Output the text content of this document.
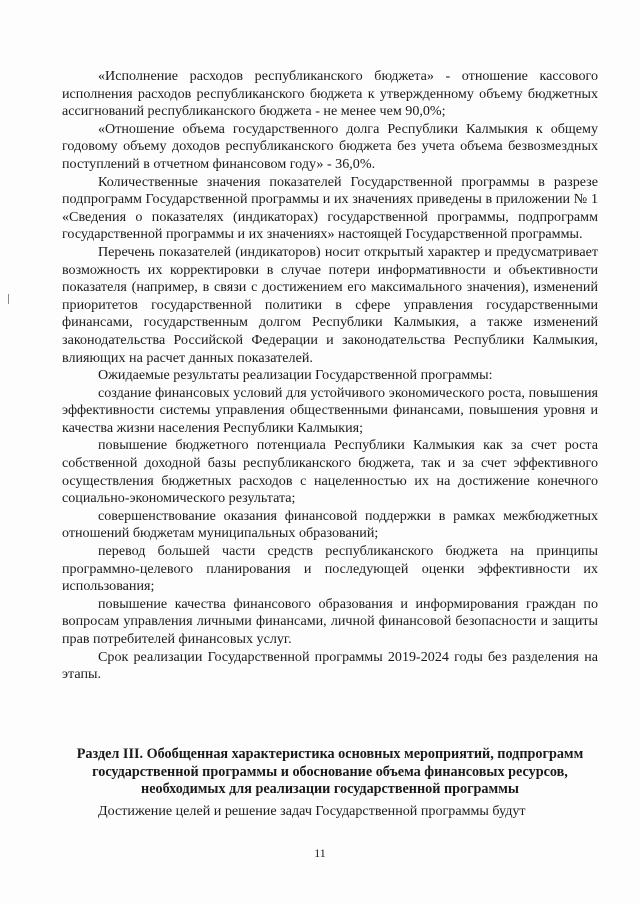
«Исполнение расходов республиканского бюджета» - отношение кассового исполнения расходов республиканского бюджета к утвержденному объему бюджетных ассигнований республиканского бюджета - не менее чем 90,0%;

«Отношение объема государственного долга Республики Калмыкия к общему годовому объему доходов республиканского бюджета без учета объема безвозмездных поступлений в отчетном финансовом году» - 36,0%.

Количественные значения показателей Государственной программы в разрезе подпрограмм Государственной программы и их значениях приведены в приложении № 1 «Сведения о показателях (индикаторах) государственной программы, подпрограмм государственной программы и их значениях» настоящей Государственной программы.

Перечень показателей (индикаторов) носит открытый характер и предусматривает возможность их корректировки в случае потери информативности и объективности показателя (например, в связи с достижением его максимального значения), изменений приоритетов государственной политики в сфере управления государственными финансами, государственным долгом Республики Калмыкия, а также изменений законодательства Российской Федерации и законодательства Республики Калмыкия, влияющих на расчет данных показателей.

Ожидаемые результаты реализации Государственной программы:

создание финансовых условий для устойчивого экономического роста, повышения эффективности системы управления общественными финансами, повышения уровня и качества жизни населения Республики Калмыкия;

повышение бюджетного потенциала Республики Калмыкия как за счет роста собственной доходной базы республиканского бюджета, так и за счет эффективного осуществления бюджетных расходов с нацеленностью их на достижение конечного социально-экономического результата;

совершенствование оказания финансовой поддержки в рамках межбюджетных отношений бюджетам муниципальных образований;

перевод большей части средств республиканского бюджета на принципы программно-целевого планирования и последующей оценки эффективности их использования;

повышение качества финансового образования и информирования граждан по вопросам управления личными финансами, личной финансовой безопасности и защиты прав потребителей финансовых услуг.

Срок реализации Государственной программы 2019-2024 годы без разделения на этапы.

Раздел III. Обобщенная характеристика основных мероприятий, подпрограмм государственной программы и обоснование объема финансовых ресурсов, необходимых для реализации государственной программы

Достижение целей и решение задач Государственной программы будут

11
